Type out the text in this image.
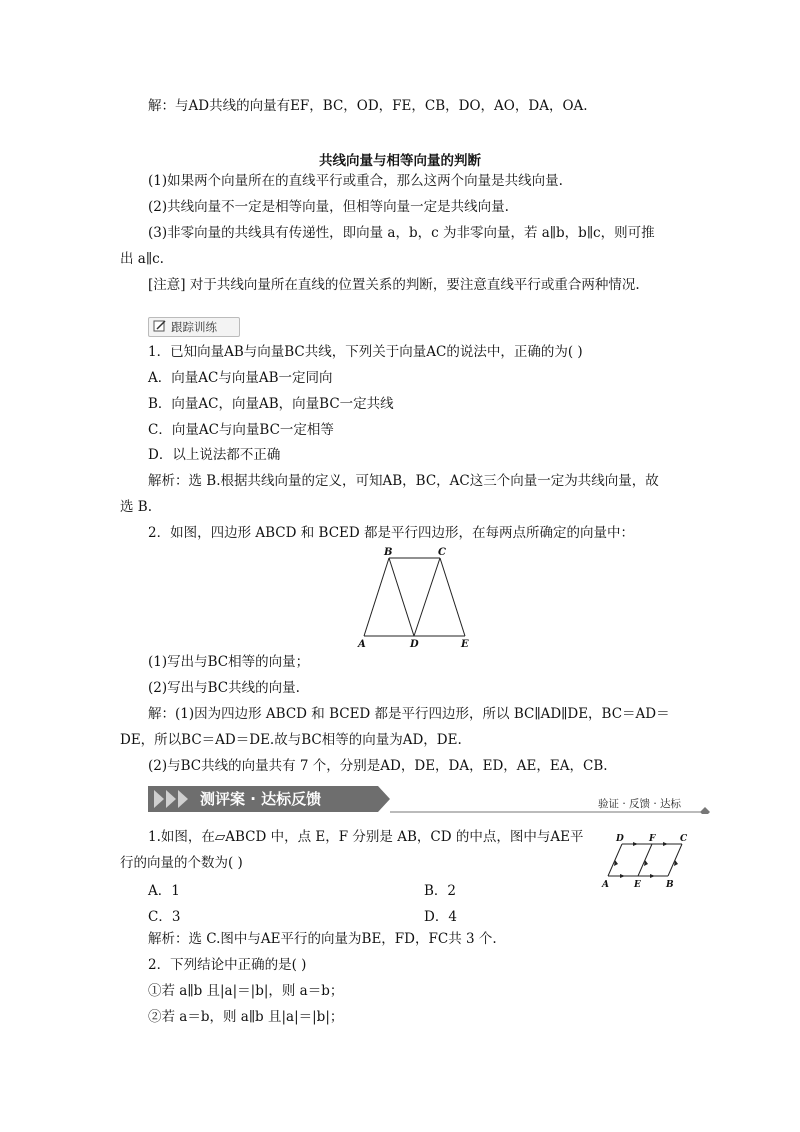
解：与AD共线的向量有EF，BC，OD，FE，CB，DO，AO，DA，OA.
共线向量与相等向量的判断
(1)如果两个向量所在的直线平行或重合，那么这两个向量是共线向量.
(2)共线向量不一定是相等向量，但相等向量一定是共线向量.
(3)非零向量的共线具有传递性，即向量 a，b，c 为非零向量，若 a∥b，b∥c，则可推
出 a∥c.
[注意] 对于共线向量所在直线的位置关系的判断，要注意直线平行或重合两种情况.
跟踪训练
1．已知向量AB与向量BC共线，下列关于向量AC的说法中，正确的为( )
A．向量AC与向量AB一定同向
B．向量AC，向量AB，向量BC一定共线
C．向量AC与向量BC一定相等
D．以上说法都不正确
解析：选 B.根据共线向量的定义，可知AB，BC，AC这三个向量一定为共线向量，故
选 B.
2．如图，四边形 ABCD 和 BCED 都是平行四边形，在每两点所确定的向量中：
B	C
A	D	E
(1)写出与BC相等的向量；
(2)写出与BC共线的向量.
解：(1)因为四边形 ABCD 和 BCED 都是平行四边形，所以 BC∥AD∥DE，BC＝AD＝
DE，所以BC＝AD＝DE.故与BC相等的向量为AD，DE.
(2)与BC共线的向量共有 7 个，分别是AD，DE，DA，ED，AE，EA，CB.
测评案 · 达标反馈	验证 · 反馈 · 达标
1.如图，在▱ABCD 中，点 E，F 分别是 AB，CD 的中点，图中与AE平
行的向量的个数为( )
A．1	B．2
C．3	D．4
D	F	C
A	E	B
解析：选 C.图中与AE平行的向量为BE，FD，FC共 3 个.
2．下列结论中正确的是( )
①若 a∥b 且|a|＝|b|，则 a＝b；
②若 a＝b，则 a∥b 且|a|＝|b|；
